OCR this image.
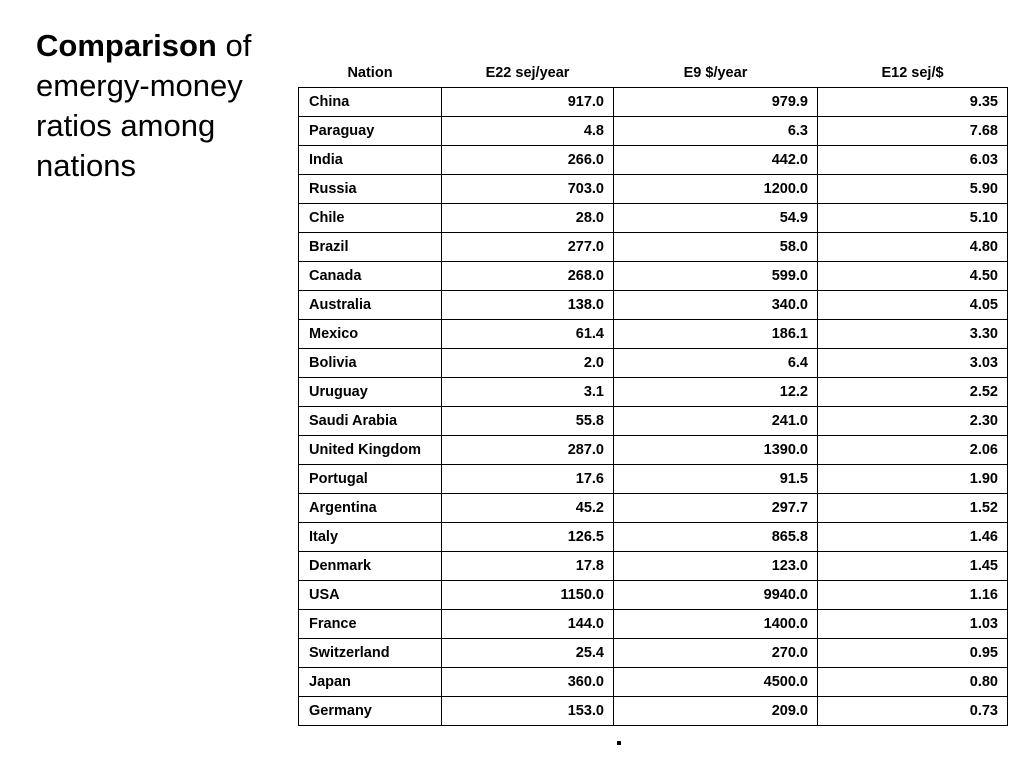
Comparison of emergy-money ratios among nations
Nation	E22 sej/year	E9 $/year	E12 sej/$
China	917.0	979.9	9.35
Paraguay	4.8	6.3	7.68
India	266.0	442.0	6.03
Russia	703.0	1200.0	5.90
Chile	28.0	54.9	5.10
Brazil	277.0	58.0	4.80
Canada	268.0	599.0	4.50
Australia	138.0	340.0	4.05
Mexico	61.4	186.1	3.30
Bolivia	2.0	6.4	3.03
Uruguay	3.1	12.2	2.52
Saudi Arabia	55.8	241.0	2.30
United Kingdom	287.0	1390.0	2.06
Portugal	17.6	91.5	1.90
Argentina	45.2	297.7	1.52
Italy	126.5	865.8	1.46
Denmark	17.8	123.0	1.45
USA	1150.0	9940.0	1.16
France	144.0	1400.0	1.03
Switzerland	25.4	270.0	0.95
Japan	360.0	4500.0	0.80
Germany	153.0	209.0	0.73
